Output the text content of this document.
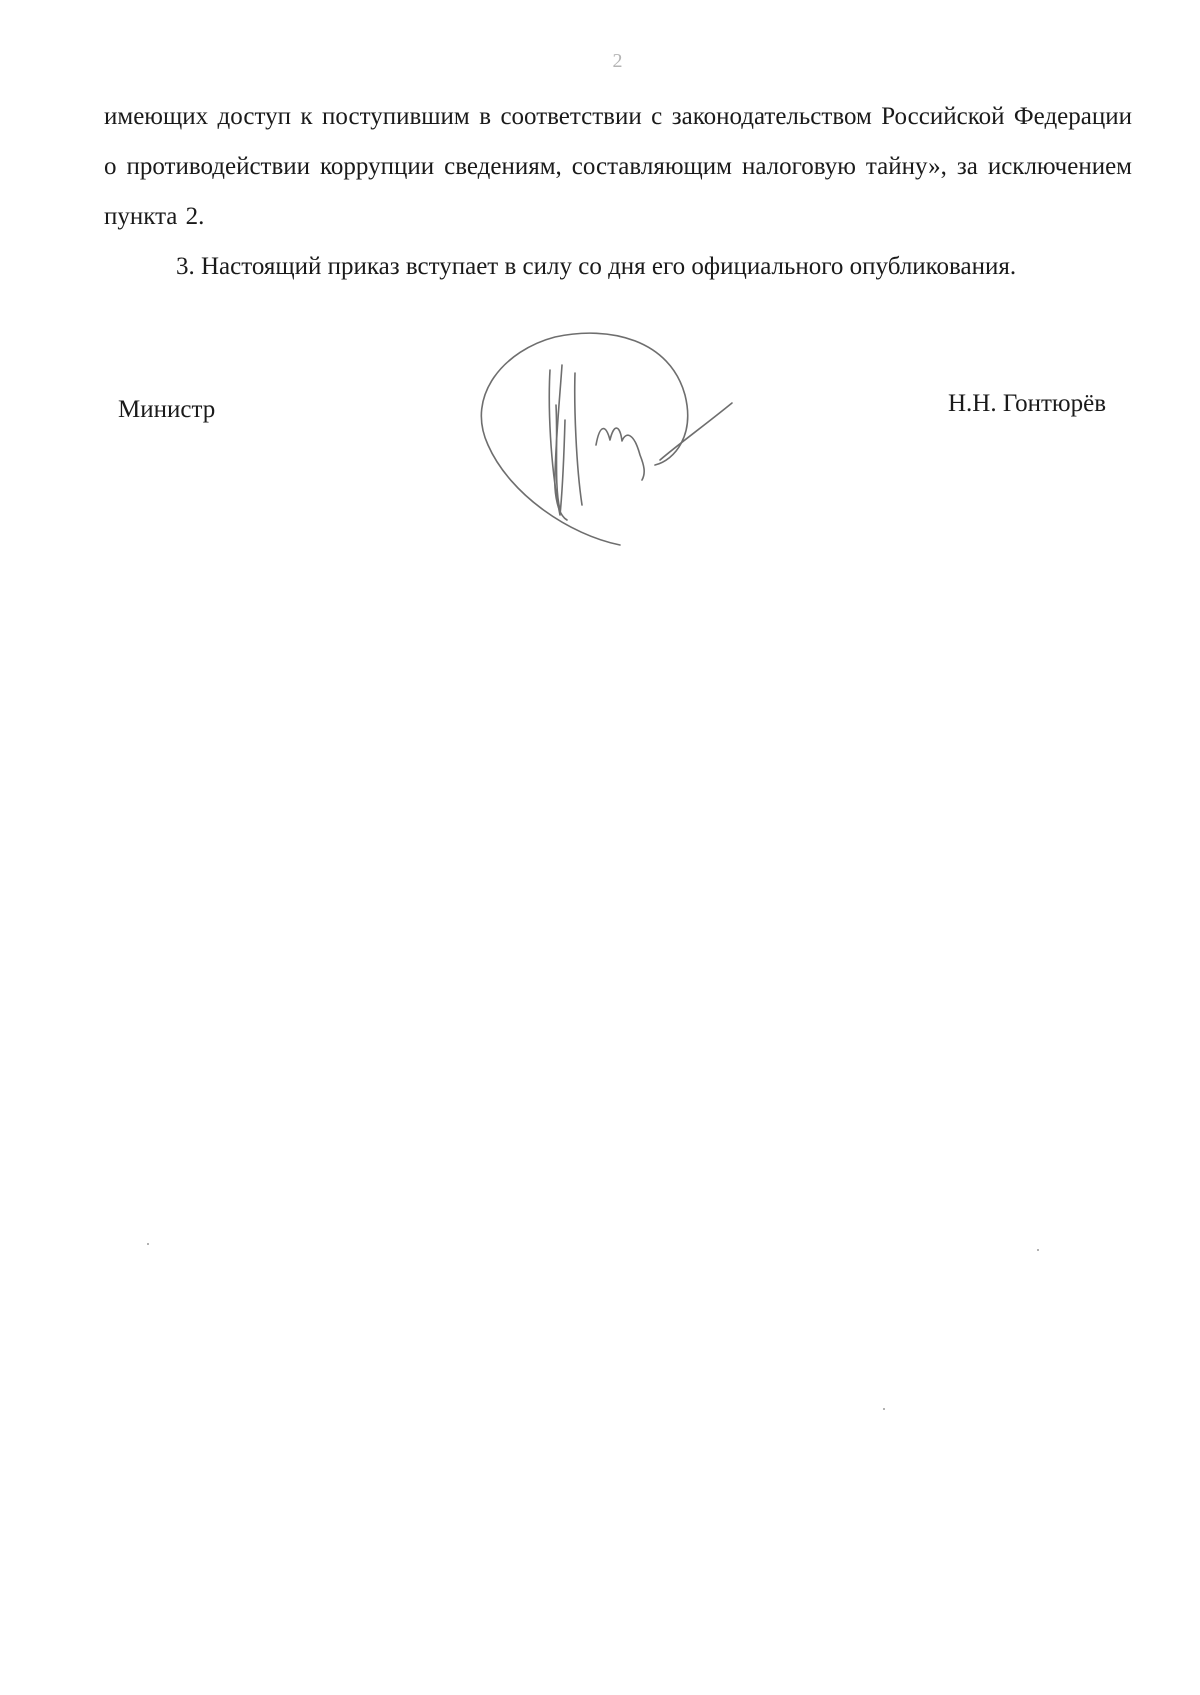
2

имеющих доступ к поступившим в соответствии с законодательством Российской Федерации о противодействии коррупции сведениям, составляющим налоговую тайну», за исключением пункта 2.

3. Настоящий приказ вступает в силу со дня его официального опубликования.

Министр	Н.Н. Гонтюрёв
